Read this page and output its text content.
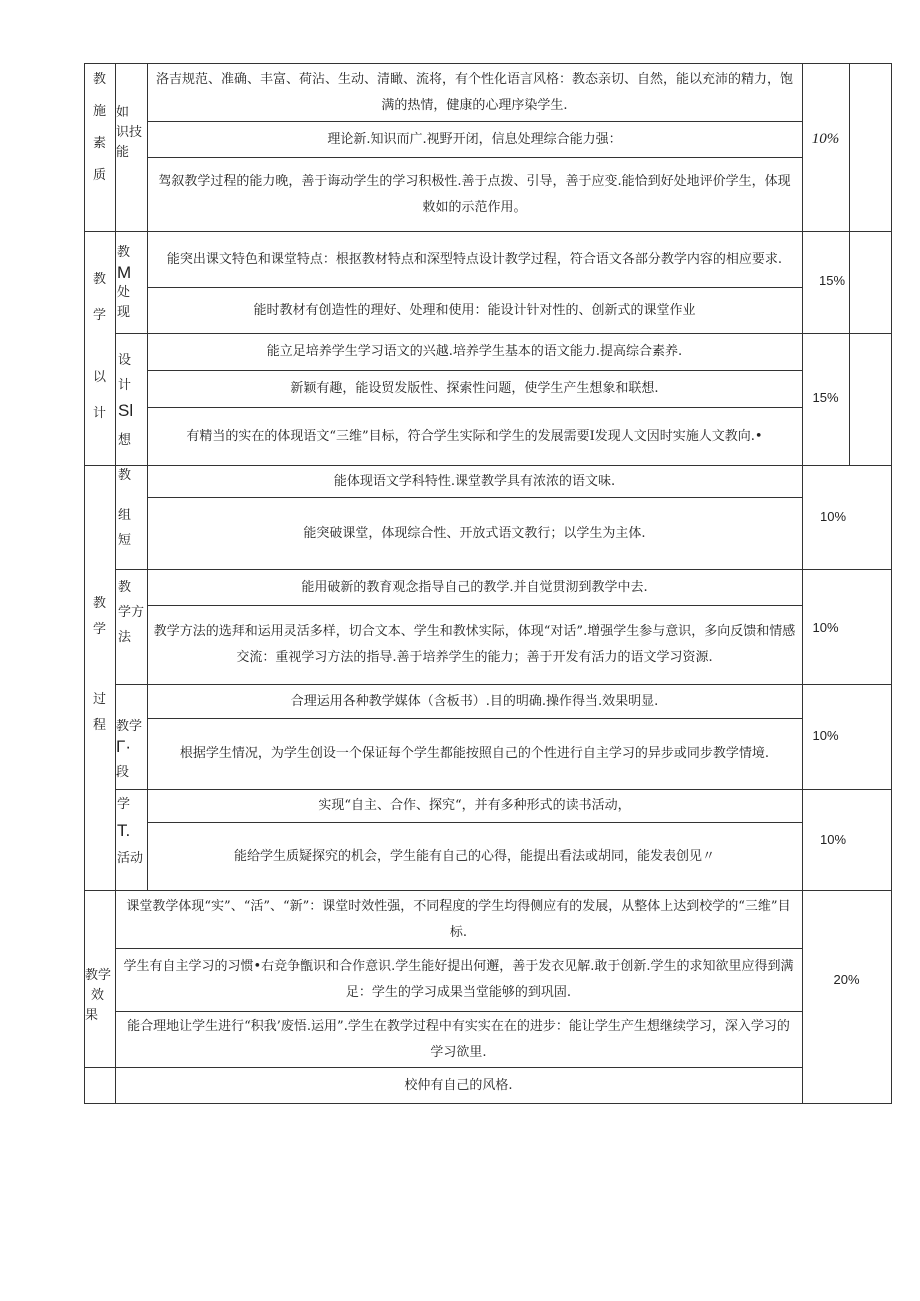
教
施
素
质
如
识技
能
洛吉规范、准确、丰富、荷沾、生动、清瞰、流将，有个性化语言风格：教态亲切、自然，能以充沛的精力，饱满的热情，健康的心理序染学生.
理论新.知识而广.视野开闭，信息处理综合能力强：
驾叙教学过程的能力晚，善于诲动学生的学习积极性.善于点拨、引导，善于应变.能恰到好处地评价学生，体现敕如的示范作用。
10%
教
学
以
计
教
M
处
现
设
计
Sl
想
能突出课文特色和课堂特点：根抠教材特点和深型特点设计教学过程，符合语文各部分教学内容的相应要求.
能时教材有创造性的理好、处理和使用：能设计针对性的、创新式的课堂作业
能立足培养学生学习语文的兴越.培养学生基本的语文能力.提高综合素养.
新颖有趣，能设贸发版性、探索性问题，使学生产生想象和联想.
有精当的实在的体现语文“三维”目标，符合学生实际和学生的发展需要I发现人文因时实施人文教向.•
15%
15%
教
学
过
程
教
组
短
教
学方
法
教学
Γ·
段
学
T.
活动
能体现语文学科特性.课堂教学具有浓浓的语文味.
能突破课堂，体现综合性、开放式语文教行；以学生为主体.
能用破新的教育观念指导自己的教学.并自觉贯沏到教学中去.
教学方法的选拜和运用灵活多样，切合文本、学生和教怵实际，体现“对话”.增强学生参与意识，多向反馈和情感交流：重视学习方法的指导.善于培养学生的能力；善于开发有活力的语文学习资源.
合理运用各种教学媒体（含板书）.目的明确.操作得当.效果明显.
根据学生情况，为学生创设一个保证每个学生都能按照自己的个性进行自主学习的异步或同步教学情境.
实现“自主、合作、探究“，并有多种形式的读书活动，
能给学生质疑探究的机会，学生能有自己的心得，能提出看法或胡同，能发表创见〃
10%
10%
10%
10%
教学
效
果
课堂教学体现“实”、“活”、“新”：课堂时效性强，不同程度的学生均得侧应有的发展，从整体上达到校学的“三维”目标.
学生有自主学习的习惯•右竞争甑识和合作意识.学生能好提出何邂，善于发衣见解.敢于创新.学生的求知欲里应得到满足：学生的学习成果当堂能够的到巩固.
能合理地让学生进行“积我’废悟.运用”.学生在教学过程中有实实在在的进步：能让学生产生想继续学习，深入学习的学习欲里.
校仲有自己的风格.
20%
